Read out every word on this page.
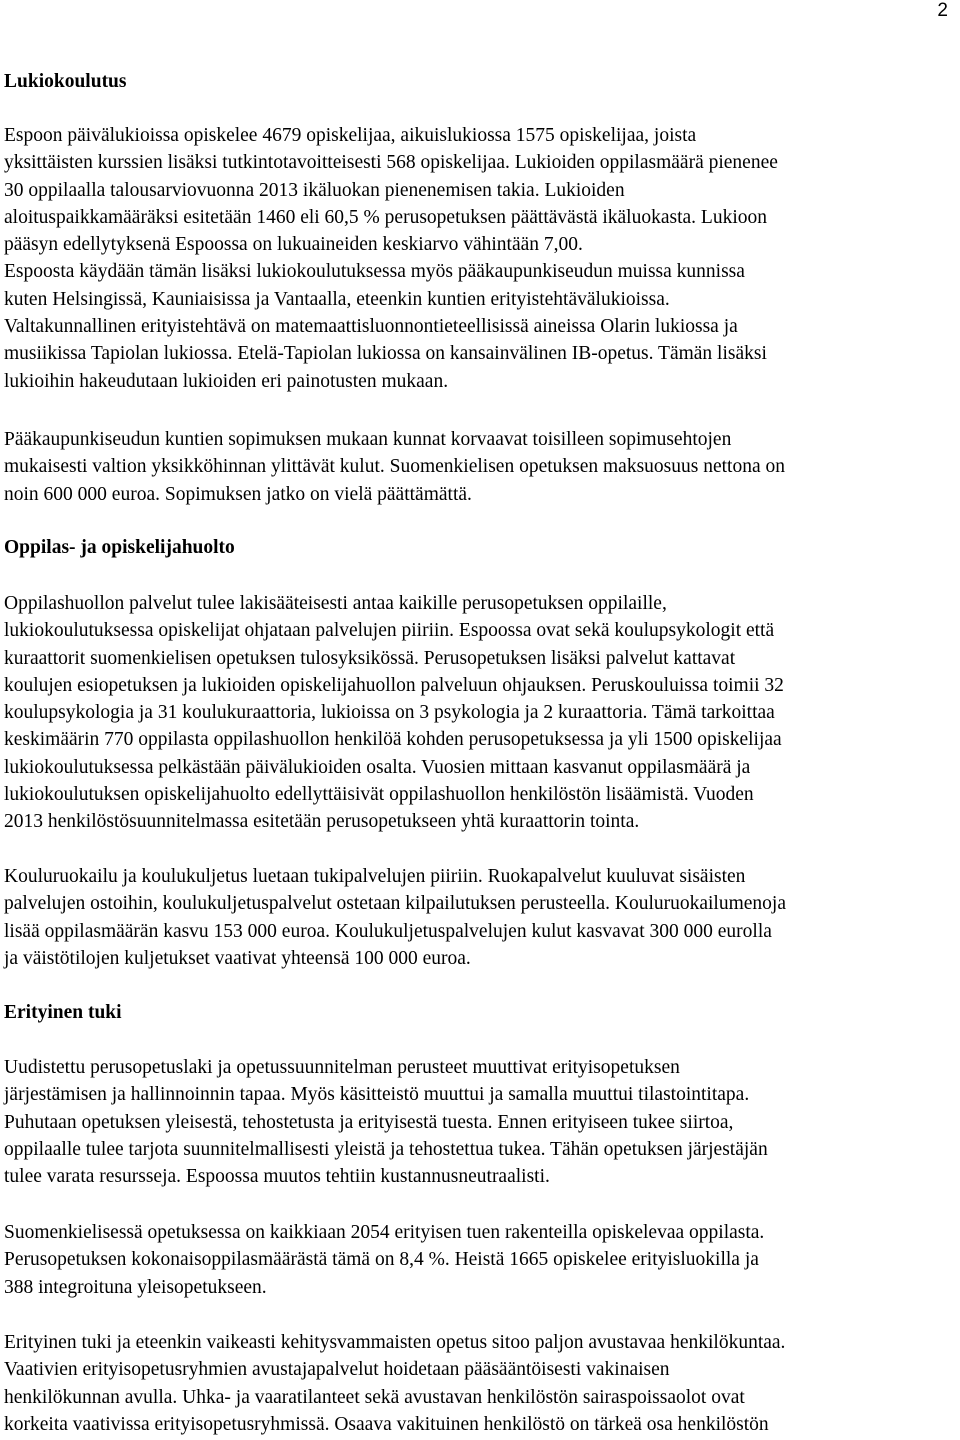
2
Lukiokoulutus
Espoon päivälukioissa opiskelee 4679 opiskelijaa, aikuislukiossa 1575 opiskelijaa, joista
yksittäisten kurssien lisäksi tutkintotavoitteisesti 568 opiskelijaa. Lukioiden oppilasmäärä pienenee
30 oppilaalla talousarviovuonna 2013 ikäluokan pienenemisen takia. Lukioiden
aloituspaikkamääräksi esitetään 1460 eli 60,5 % perusopetuksen päättävästä ikäluokasta. Lukioon
pääsyn edellytyksenä Espoossa on lukuaineiden keskiarvo vähintään 7,00.
Espoosta käydään tämän lisäksi lukiokoulutuksessa myös pääkaupunkiseudun muissa kunnissa
kuten Helsingissä, Kauniaisissa ja Vantaalla, eteenkin kuntien erityistehtävälukioissa.
Valtakunnallinen erityistehtävä on matemaattisluonnontieteellisissä aineissa Olarin lukiossa ja
musiikissa Tapiolan lukiossa. Etelä-Tapiolan lukiossa on kansainvälinen IB-opetus. Tämän lisäksi
lukioihin hakeudutaan lukioiden eri painotusten mukaan.
Pääkaupunkiseudun kuntien sopimuksen mukaan kunnat korvaavat toisilleen sopimusehtojen
mukaisesti valtion yksikköhinnan ylittävät kulut. Suomenkielisen opetuksen maksuosuus nettona on
noin 600 000 euroa. Sopimuksen jatko on vielä päättämättä.
Oppilas- ja opiskelijahuolto
Oppilashuollon palvelut tulee lakisääteisesti antaa kaikille perusopetuksen oppilaille,
lukiokoulutuksessa opiskelijat ohjataan palvelujen piiriin. Espoossa ovat sekä koulupsykologit että
kuraattorit suomenkielisen opetuksen tulosyksikössä. Perusopetuksen lisäksi palvelut kattavat
koulujen esiopetuksen ja lukioiden opiskelijahuollon palveluun ohjauksen. Peruskouluissa toimii 32
koulupsykologia ja 31 koulukuraattoria, lukioissa on 3 psykologia ja 2 kuraattoria. Tämä tarkoittaa
keskimäärin 770 oppilasta oppilashuollon henkilöä kohden perusopetuksessa ja yli 1500 opiskelijaa
lukiokoulutuksessa pelkästään päivälukioiden osalta. Vuosien mittaan kasvanut oppilasmäärä ja
lukiokoulutuksen opiskelijahuolto edellyttäisivät oppilashuollon henkilöstön lisäämistä. Vuoden
2013 henkilöstösuunnitelmassa esitetään perusopetukseen yhtä kuraattorin tointa.
Kouluruokailu ja koulukuljetus luetaan tukipalvelujen piiriin. Ruokapalvelut kuuluvat sisäisten
palvelujen ostoihin, koulukuljetuspalvelut ostetaan kilpailutuksen perusteella. Kouluruokailumenoja
lisää oppilasmäärän kasvu 153 000 euroa. Koulukuljetuspalvelujen kulut kasvavat 300 000 eurolla
ja väistötilojen kuljetukset vaativat yhteensä 100 000 euroa.
Erityinen tuki
Uudistettu perusopetuslaki ja opetussuunnitelman perusteet muuttivat erityisopetuksen
järjestämisen ja hallinnoinnin tapaa. Myös käsitteistö muuttui ja samalla muuttui tilastointitapa.
Puhutaan opetuksen yleisestä, tehostetusta ja erityisestä tuesta. Ennen erityiseen tukee siirtoa,
oppilaalle tulee tarjota suunnitelmallisesti yleistä ja tehostettua tukea. Tähän opetuksen järjestäjän
tulee varata resursseja. Espoossa muutos tehtiin kustannusneutraalisti.
Suomenkielisessä opetuksessa on kaikkiaan 2054 erityisen tuen rakenteilla opiskelevaa oppilasta.
Perusopetuksen kokonaisoppilasmäärästä tämä on 8,4 %. Heistä 1665 opiskelee erityisluokilla ja
388 integroituna yleisopetukseen.
Erityinen tuki ja eteenkin vaikeasti kehitysvammaisten opetus sitoo paljon avustavaa henkilökuntaa.
Vaativien erityisopetusryhmien avustajapalvelut hoidetaan pääsääntöisesti vakinaisen
henkilökunnan avulla. Uhka- ja vaaratilanteet sekä avustavan henkilöstön sairaspoissaolot ovat
korkeita vaativissa erityisopetusryhmissä. Osaava vakituinen henkilöstö on tärkeä osa henkilöstön
